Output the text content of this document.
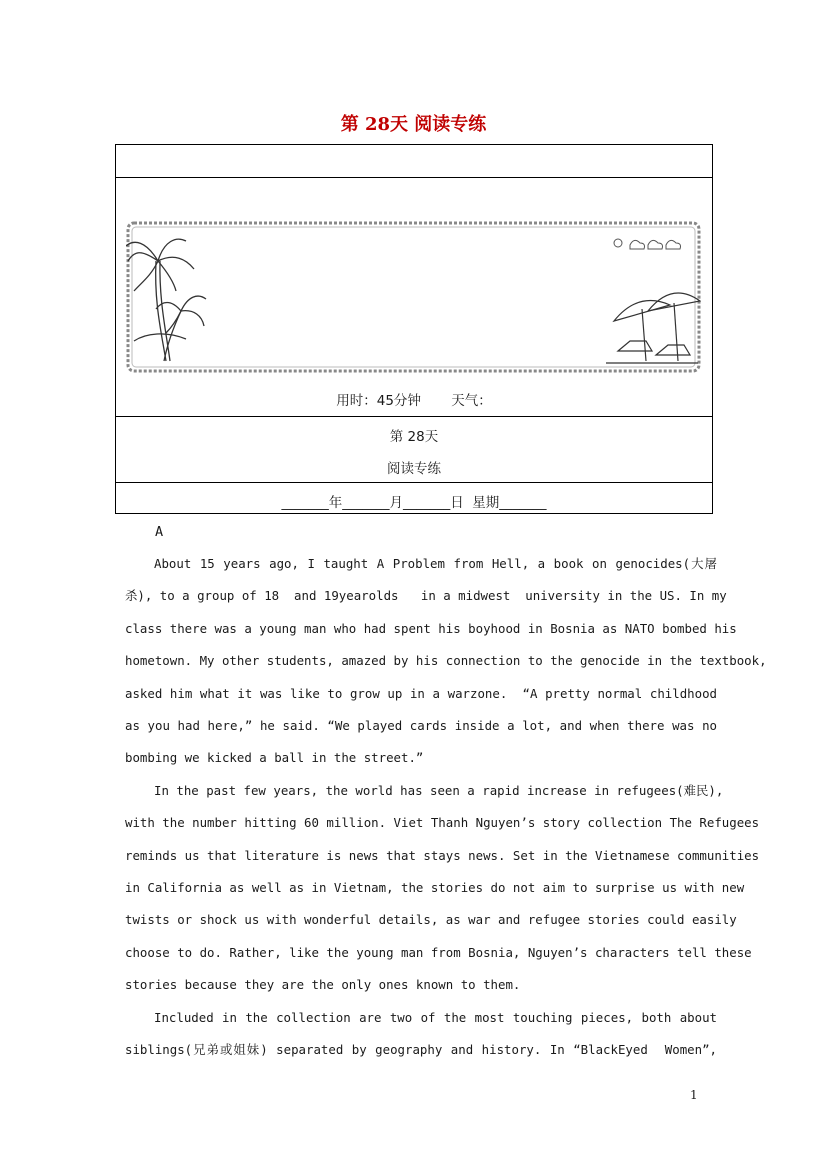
第 28天 阅读专练
用时：45分钟 天气：
第 28天
阅读专练
_______年_______月_______日  星期_______
A
About 15 years ago, I taught A Problem from Hell, a book on genocides(大屠
杀), to a group of 18  and 19yearolds   in a midwest  university in the US. In my
class there was a young man who had spent his boyhood in Bosnia as NATO bombed his
hometown. My other students, amazed by his connection to the genocide in the textbook,
asked him what it was like to grow up in a warzone.  “A pretty normal childhood
as you had here,” he said. “We played cards inside a lot, and when there was no
bombing we kicked a ball in the street.”
In the past few years, the world has seen a rapid increase in refugees(难民),
with the number hitting 60 million. Viet Thanh Nguyen’s story collection The Refugees
reminds us that literature is news that stays news. Set in the Vietnamese communities
in California as well as in Vietnam, the stories do not aim to surprise us with new
twists or shock us with wonderful details, as war and refugee stories could easily
choose to do. Rather, like the young man from Bosnia, Nguyen’s characters tell these
stories because they are the only ones known to them.
Included in the collection are two of the most touching pieces, both about
siblings(兄弟或姐妹) separated by geography and history. In “BlackEyed  Women”,
1
